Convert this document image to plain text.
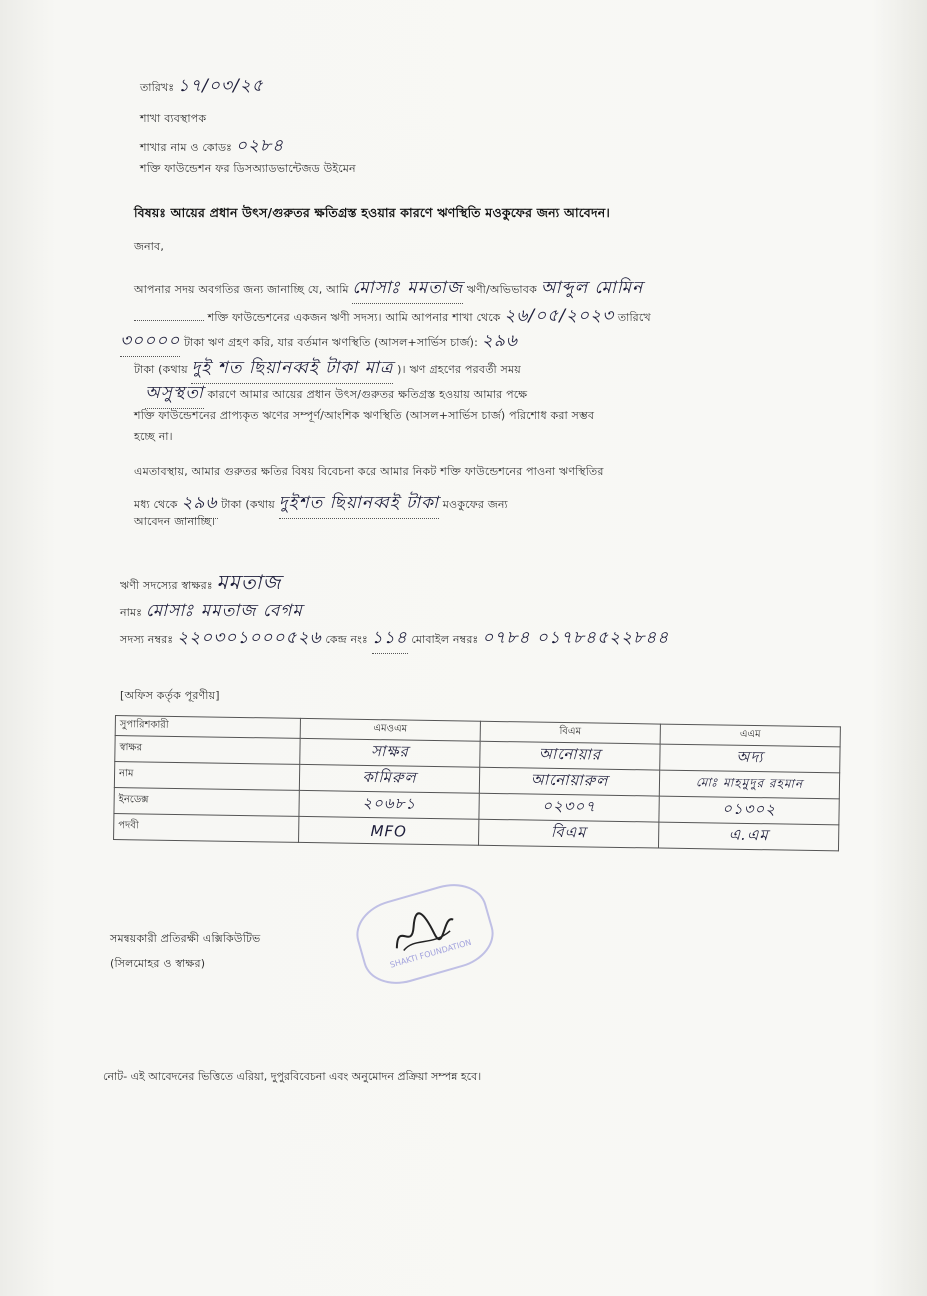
তারিখঃ ১৭/০৩/২৫
শাখা ব্যবস্থাপক
শাখার নাম ও কোডঃ ০২৮৪
শক্তি ফাউন্ডেশন ফর ডিসঅ্যাডভান্টেজড উইমেন
বিষয়ঃ আয়ের প্রধান উৎস/গুরুতর ক্ষতিগ্রস্ত হওয়ার কারণে ঋণস্থিতি মওকুফের জন্য আবেদন।
জনাব,
আপনার সদয় অবগতির জন্য জানাচ্ছি যে, আমি মোসাঃ মমতাজ ঋণী/অভিভাবক আব্দুল মোমিন
শক্তি ফাউন্ডেশনের একজন ঋণী সদস্য। আমি আপনার শাখা থেকে ২৬/০৫/২০২৩ তারিখে
৩০০০০ টাকা ঋণ গ্রহণ করি, যার বর্তমান ঋণস্থিতি (আসল+সার্ভিস চার্জ): ২৯৬
টাকা (কথায় দুই শত ছিয়ানব্বই টাকা মাত্র )। ঋণ গ্রহণের পরবর্তী সময়
অসুস্থতা কারণে আমার আয়ের প্রধান উৎস/গুরুতর ক্ষতিগ্রস্ত হওয়ায় আমার পক্ষে
শক্তি ফাউন্ডেশনের প্রাপ্যকৃত ঋণের সম্পূর্ণ/আংশিক ঋণস্থিতি (আসল+সার্ভিস চার্জ) পরিশোধ করা সম্ভব
হচ্ছে না।
এমতাবস্থায়, আমার গুরুতর ক্ষতির বিষয় বিবেচনা করে আমার নিকট শক্তি ফাউন্ডেশনের পাওনা ঋণস্থিতির
মধ্য থেকে ২৯৬ টাকা (কথায় দুইশত ছিয়ানব্বই টাকা মওকুফের জন্য
আবেদন জানাচ্ছি।
ঋণী সদস্যের স্বাক্ষরঃ মমতাজ
নামঃ মোসাঃ মমতাজ বেগম
সদস্য নম্বরঃ ২২০৩০১০০০৫২৬ কেন্দ্র নংঃ ১১৪ মোবাইল নম্বরঃ ০৭৮৪ ০১৭৮৪৫২২৮৪৪
[অফিস কর্তৃক পূরণীয়]
সুপারিশকারী	এমওএম	বিএম	এএম
স্বাক্ষর	সাক্ষর	আনোয়ার	অদ্য
নাম	কামিরুল	আনোয়ারুল	মোঃ মাহমুদুর রহমান
ইনডেক্স	২০৬৮১	০২৩০৭	০১৩০২
পদবী	MFO	বিএম	এ.এম
সমন্বয়কারী প্রতিরক্ষী এক্সিকিউটিভ
(সিলমোহর ও স্বাক্ষর)	SHAKTI FOUNDATION
নোট- এই আবেদনের ভিত্তিতে এরিয়া, দুপুরবিবেচনা এবং অনুমোদন প্রক্রিয়া সম্পন্ন হবে।
